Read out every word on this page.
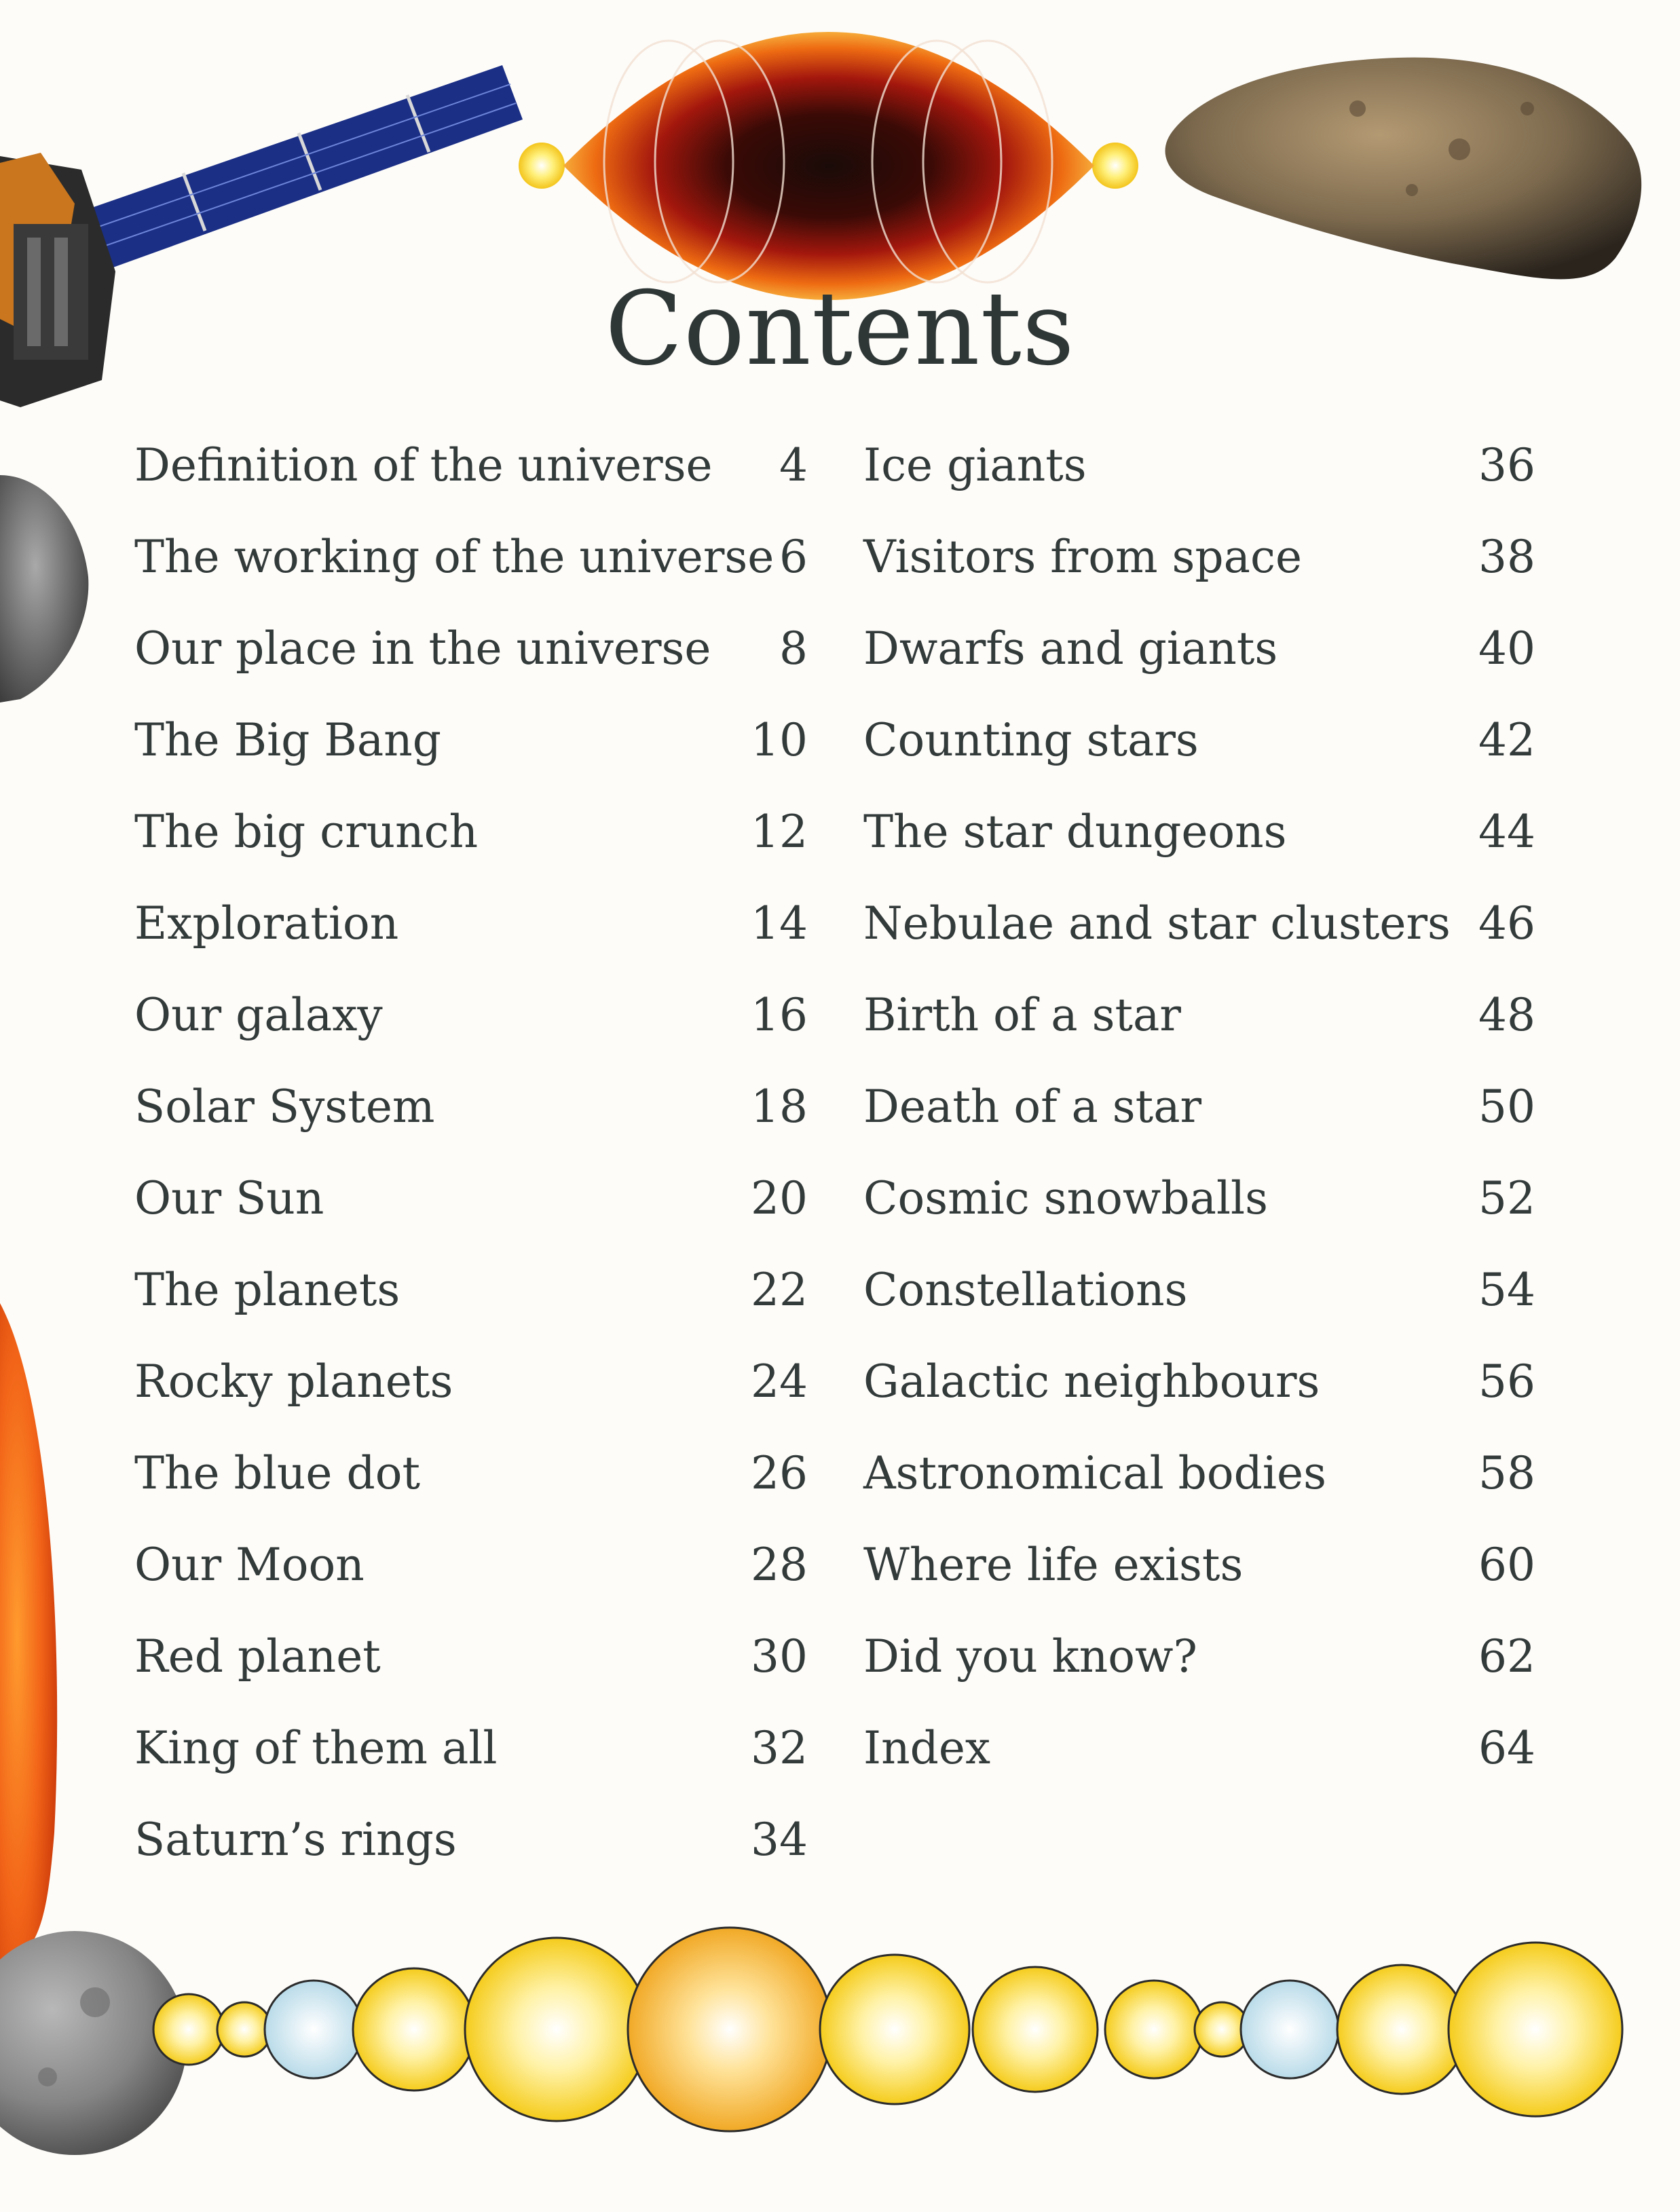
Contents
Definition of the universe 4
The working of the universe 6
Our place in the universe 8
The Big Bang	10
The big crunch	12
Exploration	14
Our galaxy	16
Solar System	18
Our Sun	20
The planets	22
Rocky planets	24
The blue dot	26
Our Moon	28
Red planet	30
King of them all	32
Saturn’s rings	34
Ice giants	36
Visitors from space	38
Dwarfs and giants	40
Counting stars	42
The star dungeons	44
Nebulae and star clusters 46
Birth of a star	48
Death of a star	50
Cosmic snowballs	52
Constellations	54
Galactic neighbours	56
Astronomical bodies	58
Where life exists	60
Did you know?	62
Index	64
